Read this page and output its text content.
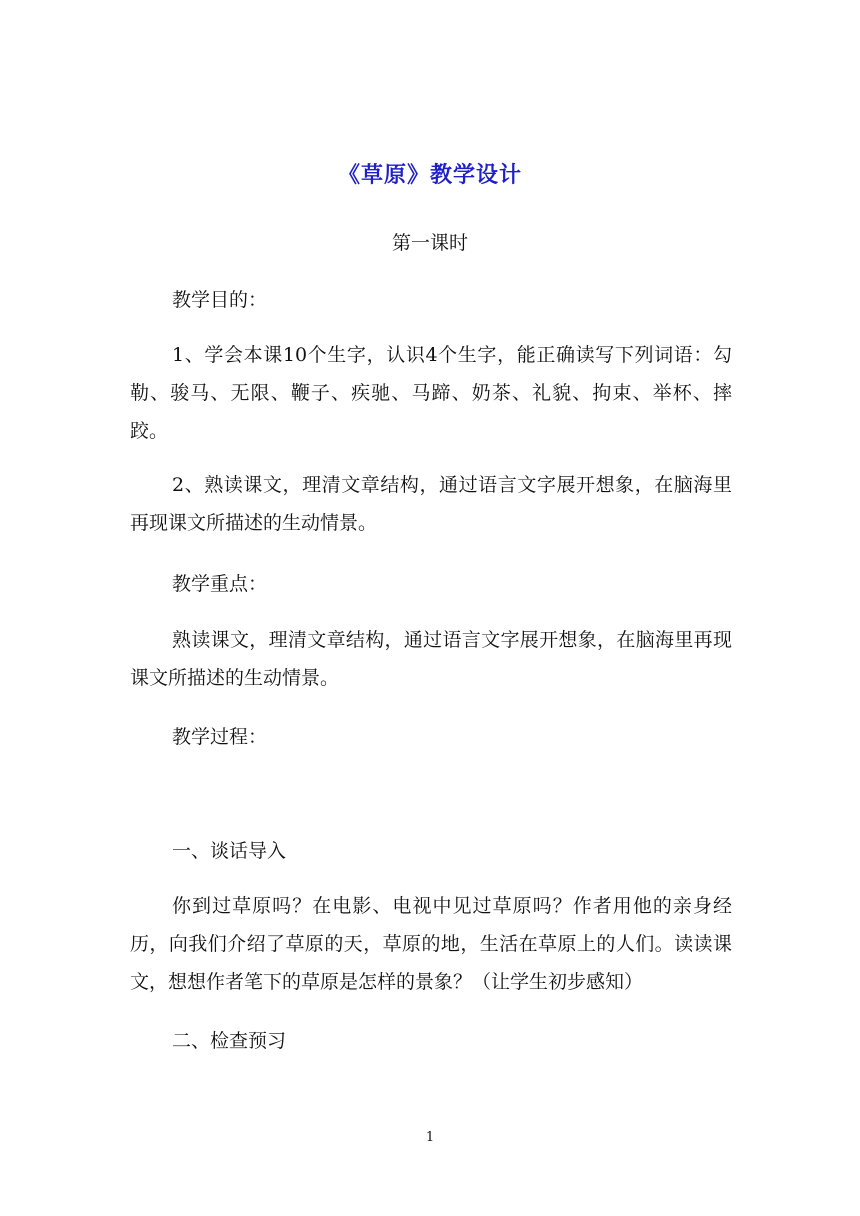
《草原》教学设计
第一课时

教学目的：

1、学会本课10个生字，认识4个生字，能正确读写下列词语：勾勒、骏马、无限、鞭子、疾驰、马蹄、奶茶、礼貌、拘束、举杯、摔跤。

2、熟读课文，理清文章结构，通过语言文字展开想象，在脑海里再现课文所描述的生动情景。

教学重点：

熟读课文，理清文章结构，通过语言文字展开想象，在脑海里再现课文所描述的生动情景。

教学过程：

一、谈话导入

你到过草原吗？在电影、电视中见过草原吗？作者用他的亲身经历，向我们介绍了草原的天，草原的地，生活在草原上的人们。读读课文，想想作者笔下的草原是怎样的景象？（让学生初步感知）

二、检查预习

1
